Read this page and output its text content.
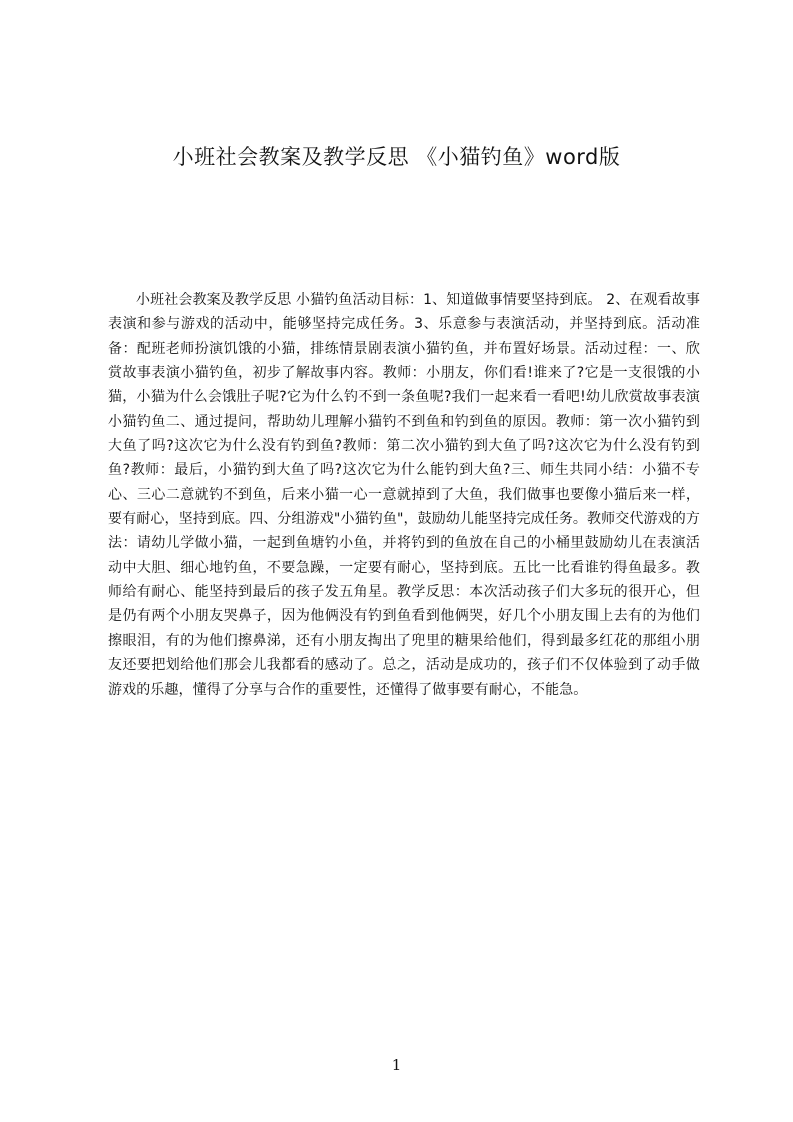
小班社会教案及教学反思 《小猫钓鱼》word版
小班社会教案及教学反思 小猫钓鱼活动目标：1、知道做事情要坚持到底。 2、在观看故事表演和参与游戏的活动中，能够坚持完成任务。3、乐意参与表演活动，并坚持到底。活动准备：配班老师扮演饥饿的小猫，排练情景剧表演小猫钓鱼，并布置好场景。活动过程：一、欣赏故事表演小猫钓鱼，初步了解故事内容。教师：小朋友，你们看!谁来了?它是一支很饿的小猫，小猫为什么会饿肚子呢?它为什么钓不到一条鱼呢?我们一起来看一看吧!幼儿欣赏故事表演小猫钓鱼二、通过提问，帮助幼儿理解小猫钓不到鱼和钓到鱼的原因。教师：第一次小猫钓到大鱼了吗?这次它为什么没有钓到鱼?教师：第二次小猫钓到大鱼了吗?这次它为什么没有钓到鱼?教师：最后，小猫钓到大鱼了吗?这次它为什么能钓到大鱼?三、师生共同小结：小猫不专心、三心二意就钓不到鱼，后来小猫一心一意就掉到了大鱼，我们做事也要像小猫后来一样，要有耐心，坚持到底。四、分组游戏"小猫钓鱼"，鼓励幼儿能坚持完成任务。教师交代游戏的方法：请幼儿学做小猫，一起到鱼塘钓小鱼，并将钓到的鱼放在自己的小桶里鼓励幼儿在表演活动中大胆、细心地钓鱼，不要急躁，一定要有耐心，坚持到底。五比一比看谁钓得鱼最多。教师给有耐心、能坚持到最后的孩子发五角星。教学反思：本次活动孩子们大多玩的很开心，但是仍有两个小朋友哭鼻子，因为他俩没有钓到鱼看到他俩哭，好几个小朋友围上去有的为他们擦眼泪，有的为他们擦鼻涕，还有小朋友掏出了兜里的糖果给他们，得到最多红花的那组小朋友还要把划给他们那会儿我都看的感动了。总之，活动是成功的，孩子们不仅体验到了动手做游戏的乐趣，懂得了分享与合作的重要性，还懂得了做事要有耐心，不能急。
1
